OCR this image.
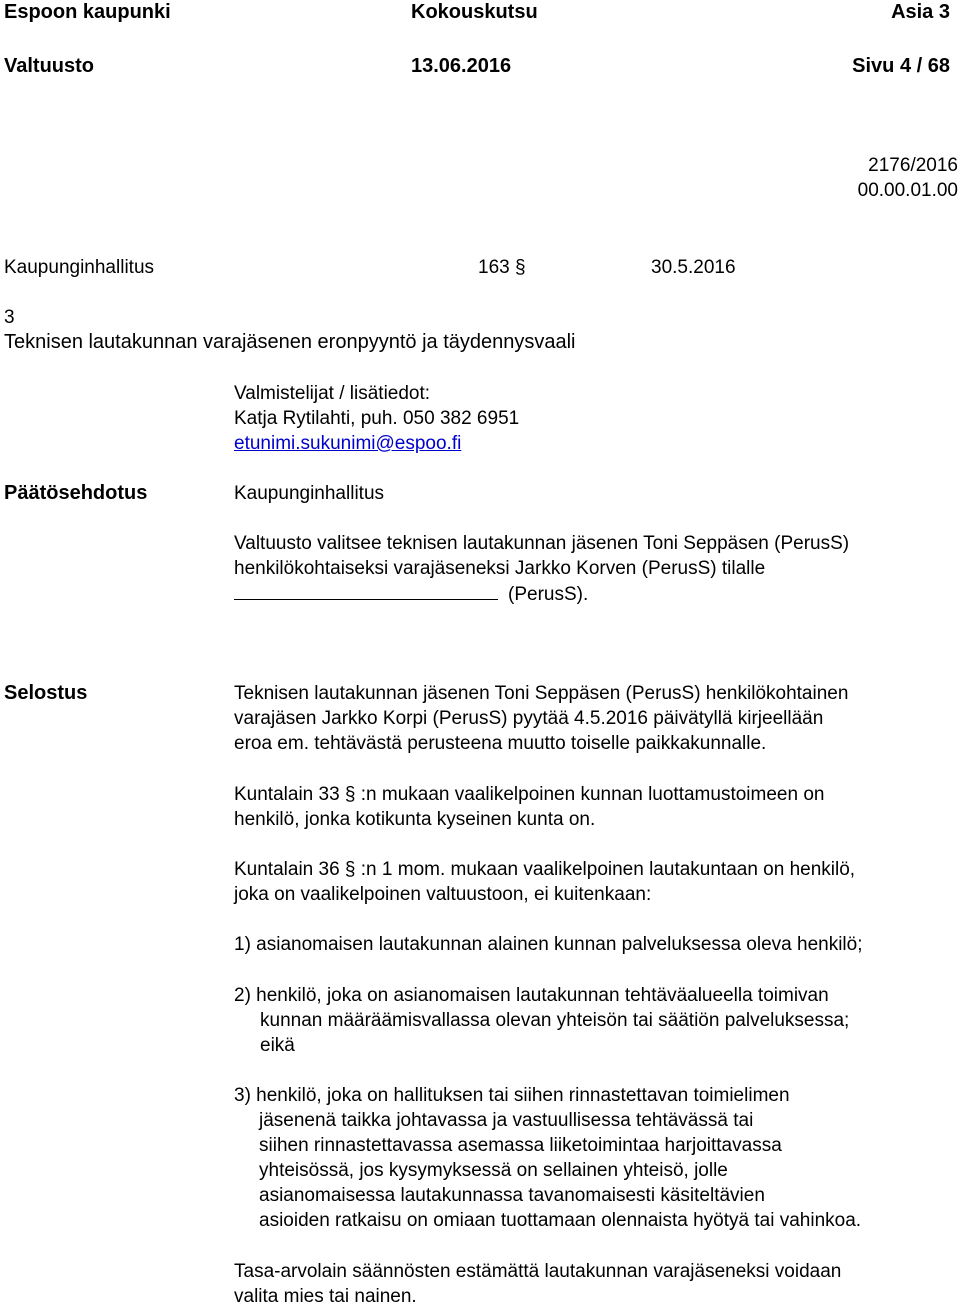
Espoon kaupunki	Kokouskutsu	Asia 3
Valtuusto	13.06.2016	Sivu 4 / 68
2176/2016
00.00.01.00
Kaupunginhallitus	163 §	30.5.2016
3
Teknisen lautakunnan varajäsenen eronpyyntö ja täydennysvaali
Valmistelijat / lisätiedot:
Katja Rytilahti, puh. 050 382 6951
etunimi.sukunimi@espoo.fi
Päätösehdotus	Kaupunginhallitus
Valtuusto valitsee teknisen lautakunnan jäsenen Toni Seppäsen (PerusS)
henkilökohtaiseksi varajäseneksi Jarkko Korven (PerusS) tilalle
(PerusS).
Selostus	Teknisen lautakunnan jäsenen Toni Seppäsen (PerusS) henkilökohtainen
varajäsen Jarkko Korpi (PerusS) pyytää 4.5.2016 päivätyllä kirjeellään
eroa em. tehtävästä perusteena muutto toiselle paikkakunnalle.
Kuntalain 33 § :n mukaan vaalikelpoinen kunnan luottamustoimeen on
henkilö, jonka kotikunta kyseinen kunta on.
Kuntalain 36 § :n 1 mom. mukaan vaalikelpoinen lautakuntaan on henkilö,
joka on vaalikelpoinen valtuustoon, ei kuitenkaan:
1) asianomaisen lautakunnan alainen kunnan palveluksessa oleva henkilö;
2) henkilö, joka on asianomaisen lautakunnan tehtäväalueella toimivan
kunnan määräämisvallassa olevan yhteisön tai säätiön palveluksessa;
eikä
3) henkilö, joka on hallituksen tai siihen rinnastettavan toimielimen
jäsenenä taikka johtavassa ja vastuullisessa tehtävässä tai
siihen rinnastettavassa asemassa liiketoimintaa harjoittavassa
yhteisössä, jos kysymyksessä on sellainen yhteisö, jolle
asianomaisessa lautakunnassa tavanomaisesti käsiteltävien
asioiden ratkaisu on omiaan tuottamaan olennaista hyötyä tai vahinkoa.
Tasa-arvolain säännösten estämättä lautakunnan varajäseneksi voidaan
valita mies tai nainen.
